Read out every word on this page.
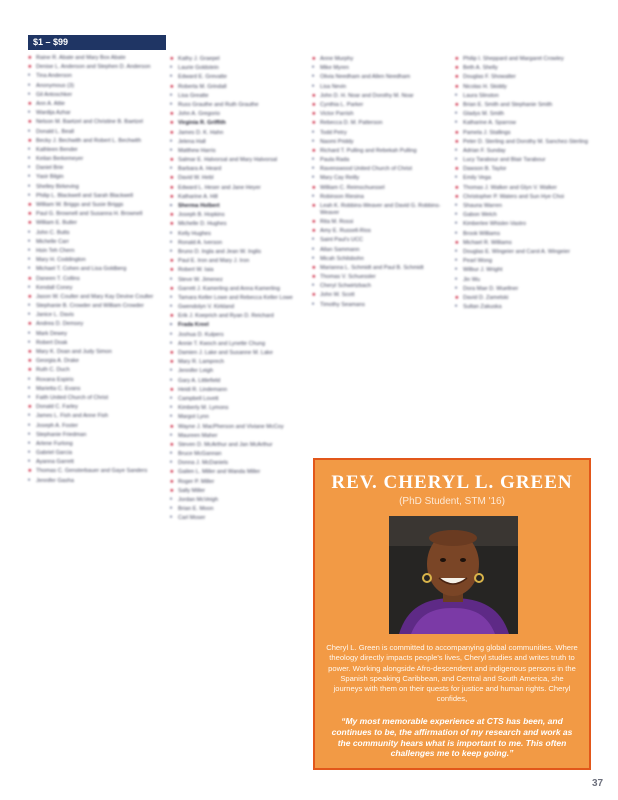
$1 – $99
● Raine R. Abate and Mary Box Abate
● Denise L. Anderson and Stephen D. Anderson
• Tina Anderson
• Anonymous (3)
• Gil Antoschker
● Ann A. Attie
• Wardija Azhar
● Nelson M. Baetzel and Christine B. Baetzel
• Donald L. Beall
● Becky J. Bechwith and Robert L. Bechwith
• Kathleen Bender
• Keilan Berkemeyer
• Daniel Brie
• Yasir Bilgin
• Shelley Birkeving
• Philip L. Blackwell and Sarah Blackwell
● William W. Briggs and Susie Briggs
● Paul G. Brownell and Susanna H. Brownell
● William E. Butler
• John C. Butts
• Michelle Carr
• Hsin Teh Chern
• Mary H. Coddington
• Michael T. Cohen and Lisa Goldberg
● Daneen T. Collins
• Kendall Coney
● Jason W. Coulter and Mary Kay Devine Coulter
• Stephanie B. Crowder and William Crowder
• Janice L. Davis
● Andrea D. Demsey
• Mark Dewey
• Robert Doak
● Mary K. Doan and Judy Simon
● Georgia A. Drake
● Ruth C. Duch
• Roxana Espiris
• Marietta C. Evans
• Faith United Church of Christ
● Donald C. Farley
• James L. Fish and Anne Fish
• Joseph A. Foster
• Stephanie Friedman
• Arlene Furlong
• Gabriel Garcia
• Ayanna Garrett
● Thomas C. Gensterbauer and Gaye Sanders
• Jennifer Gasha
● Kathy J. Graepel
• Laurie Goldstein
• Edward E. Grevatte
● Roberta M. Grindall
• Lisa Greatte
• Russ Grauthe and Ruth Grauthe
● John A. Gregorio
● Virginia R. Griffith
● James D. K. Hahn
• Jelena Hall
• Matthew Harris
● Salmar E. Halvorsal and Mary Halvorsal
• Barbara A. Heard
● David W. Hebl
● Edward L. Heser and Jane Heyer
● Katharine A. Hill
• Sherma Holbert
● Joseph B. Hopkins
● Michelle D. Hughes
• Kelly Hughes
• Ronald A. Iverson
• Bruno D. Ingla and Jean W. Inglis
● Paul E. Iron and Mary J. Iron
● Robert W. Iaia
• Steve W. Jimenez
● Garrett J. Kamerling and Anna Kamerling
• Tamara Keller Lowe and Rebecca Keller Lowe
• Gwendolyn V. Kirkland
● Erik J. Koeprich and Ryan D. Reichard
• Frada Kreel
• Joshua D. Kulpers
• Annie T. Kwoch and Lynette Chung
● Damien J. Lake and Susanne M. Lake
● Mary R. Lamprech
• Jennifer Leigh
• Gary A. Littlefield
● Heidi R. Lindemann
• Campbell Lovett
• Kimberly M. Lymons
• Margot Lynn
● Wayne J. MacPherson and Viviane McCoy
• Maureen Maher
● Steven D. McArthur and Jan McArthur
• Bruce McGannan
• Donna J. McDaniels
● Gailen L. Miller and Wanda Miller
● Roger P. Miller
● Sally Miller
• Jordan McVeigh
• Brian E. Moon
• Carl Moser
● Anne Murphy
• Mike Myren
• Olivia Needham and Allen Needham
• Lisa Nevin
● John D. H. Noar and Dorothy M. Noar
● Cynthia L. Parker
● Victor Parrish
● Rebecca D. M. Patterson
• Todd Petry
• Naomi Priddy
● Richard T. Pulling and Rebekah Pulling
• Paula Rada
• Ravenswood United Church of Christ
• Mary Cay Reilly
● William C. Reimschuessel
• Robinson Riesina
● Leah K. Robbins-Weaver and David G. Robbins-Weaver
● Rita M. Rossi
● Amy E. Russell-Rios
• Saint Paul's UCC
• Allan Sammann
• Micah Schilsbohn
● Marianna L. Schmidt and Paul B. Schmidt
● Thomas V. Schuessler
• Cheryl Schwirtzbach
● John W. Scott
• Timothy Seamans
● Philip I. Sheppard and Margaret Crowley
● Beth A. Shelly
● Douglas F. Showalter
● Nicolas H. Skiddy
• Laura Slinston
● Brian E. Smith and Stephanie Smith
• Gladys M. Smith
• Katharine A. Sparrow
● Pamela J. Stallings
● Peter D. Sterling and Dorothy M. Sanchez-Sterling
• Adrian F. Sunday
• Lucy Tarabour and Blair Tarabour
● Dawson B. Taylor
• Emily Vega
● Thomas J. Walker and Glyn V. Walker
● Christopher P. Waters and Sun Hye Choi
• Shauna Warren
• Gabon Welch
• Kimberlee Whisler-Vastro
• Brook Williams
● Michael R. Williams
• Douglas E. Wingeier and Carol A. Wingeier
• Pearl Wong
• Wilbur J. Wright
• Jin Wu
• Dora Mae D. Wuellner
● David D. Zamelski
• Sultan Zakuska
REV. CHERYL L. GREEN
(PhD Student, STM '16)
Cheryl L. Green is committed to accompanying global communities. Where theology directly impacts people's lives, Cheryl studies and writes truth to power. Working alongside Afro-descendent and indigenous persons in the Spanish speaking Caribbean, and Central and South America, she journeys with them on their quests for justice and human rights. Cheryl confides,
“My most memorable experience at CTS has been, and continues to be, the affirmation of my research and work as the community hears what is important to me. This often challenges me to keep going.”
37
